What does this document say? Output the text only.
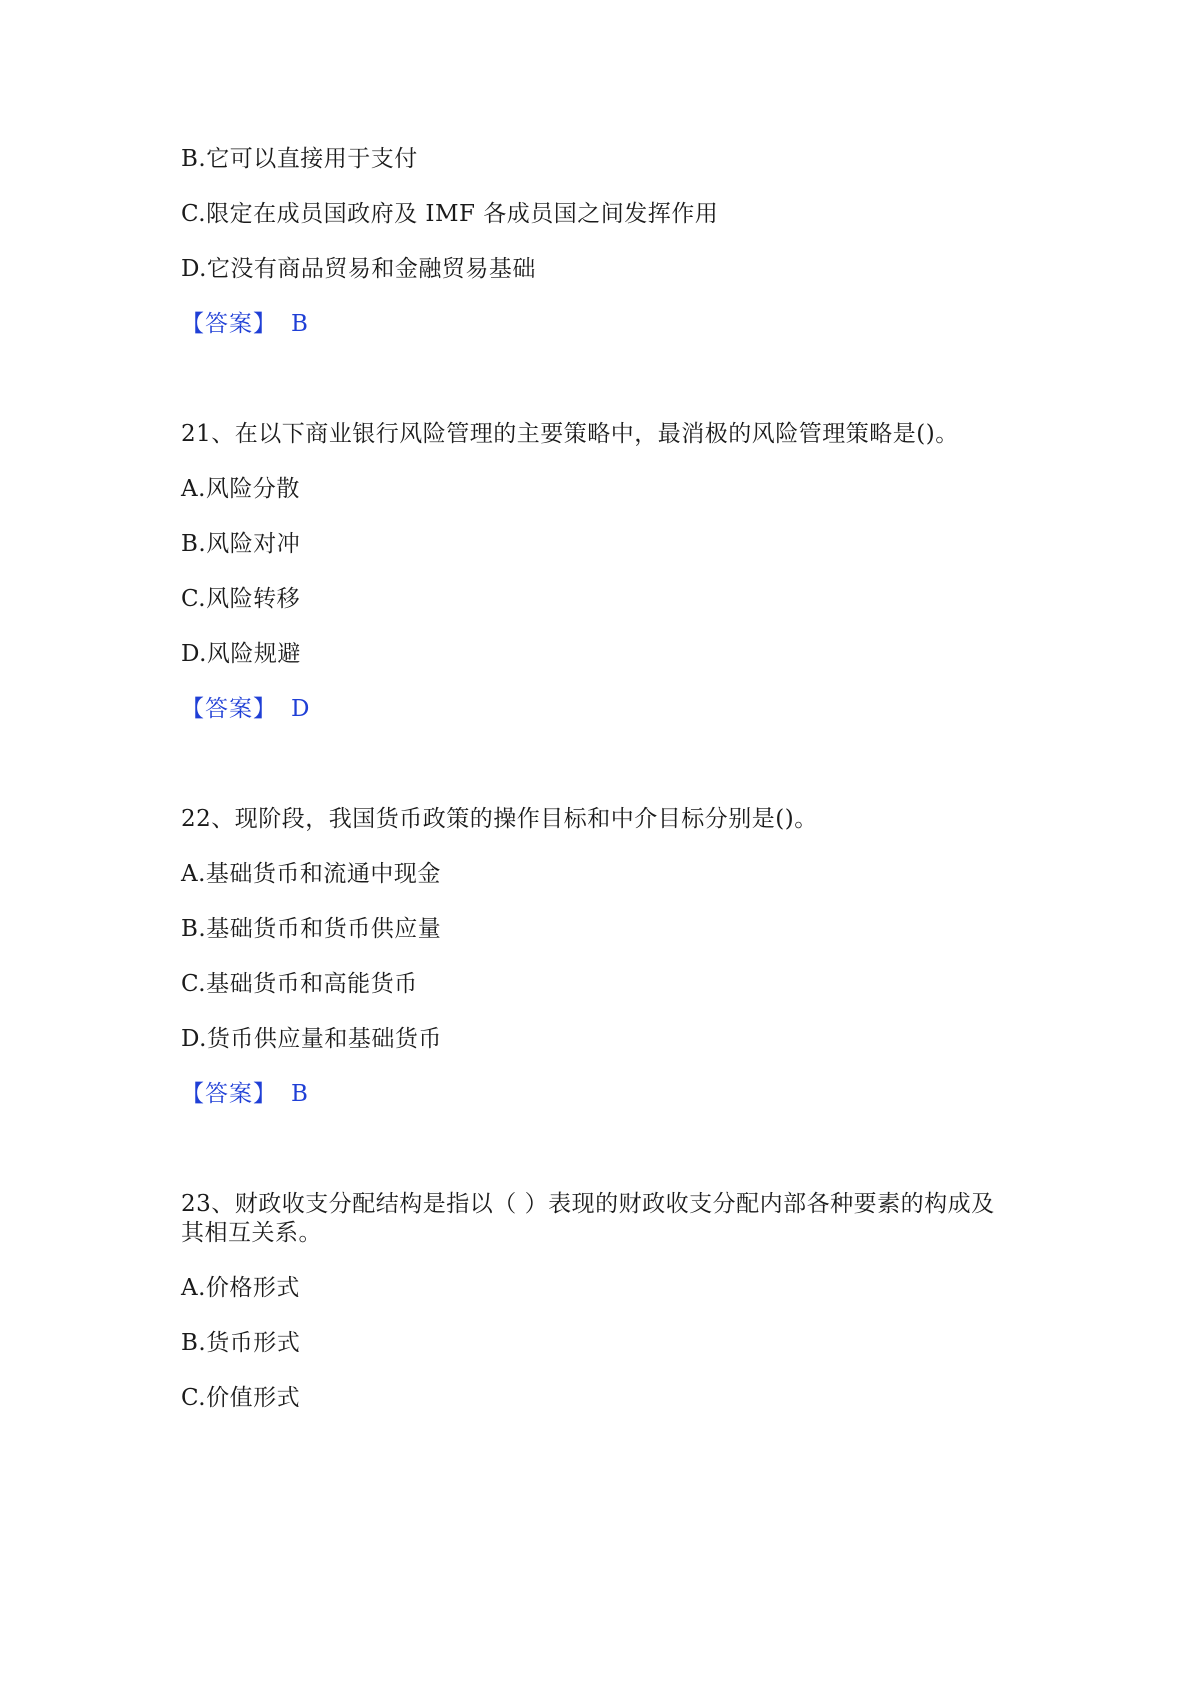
B.它可以直接用于支付
C.限定在成员国政府及 IMF 各成员国之间发挥作用
D.它没有商品贸易和金融贸易基础
【答案】 B
21、在以下商业银行风险管理的主要策略中，最消极的风险管理策略是()。
A.风险分散
B.风险对冲
C.风险转移
D.风险规避
【答案】 D
22、现阶段，我国货币政策的操作目标和中介目标分别是()。
A.基础货币和流通中现金
B.基础货币和货币供应量
C.基础货币和高能货币
D.货币供应量和基础货币
【答案】 B
23、财政收支分配结构是指以（ ）表现的财政收支分配内部各种要素的构成及
其相互关系。
A.价格形式
B.货币形式
C.价值形式
